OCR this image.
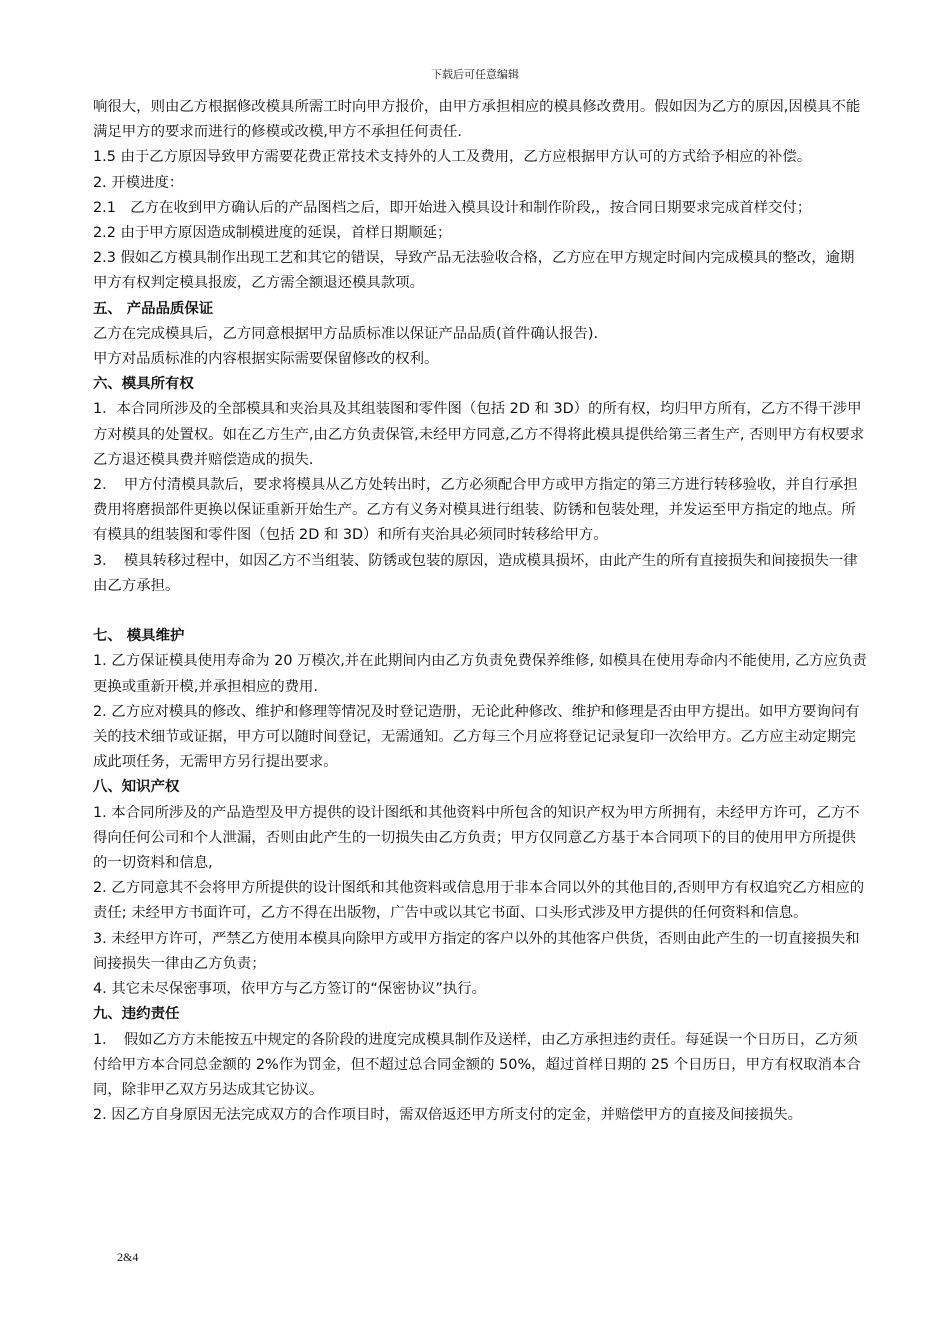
下载后可任意编辑

响很大，则由乙方根据修改模具所需工时向甲方报价，由甲方承担相应的模具修改费用。假如因为乙方的原因,因模具不能满足甲方的要求而进行的修模或改模,甲方不承担任何责任.

1.5 由于乙方原因导致甲方需要花费正常技术支持外的人工及费用，乙方应根据甲方认可的方式给予相应的补偿。

2. 开模进度：

2.1　乙方在收到甲方确认后的产品图档之后，即开始进入模具设计和制作阶段,，按合同日期要求完成首样交付；

2.2 由于甲方原因造成制模进度的延误，首样日期顺延；

2.3 假如乙方模具制作出现工艺和其它的错误，导致产品无法验收合格，乙方应在甲方规定时间内完成模具的整改，逾期甲方有权判定模具报废，乙方需全额退还模具款项。

五、 产品品质保证

乙方在完成模具后，乙方同意根据甲方品质标准以保证产品品质(首件确认报告).

甲方对品质标准的内容根据实际需要保留修改的权利。

六、模具所有权

1．本合同所涉及的全部模具和夹治具及其组装图和零件图（包括 2D 和 3D）的所有权，均归甲方所有，乙方不得干涉甲方对模具的处置权。如在乙方生产,由乙方负责保管,未经甲方同意,乙方不得将此模具提供给第三者生产, 否则甲方有权要求乙方退还模具费并赔偿造成的损失.

2．　甲方付清模具款后，要求将模具从乙方处转出时，乙方必须配合甲方或甲方指定的第三方进行转移验收，并自行承担费用将磨损部件更换以保证重新开始生产。乙方有义务对模具进行组装、防锈和包装处理，并发运至甲方指定的地点。所有模具的组装图和零件图（包括 2D 和 3D）和所有夹治具必须同时转移给甲方。

3．　模具转移过程中，如因乙方不当组装、防锈或包装的原因，造成模具损坏，由此产生的所有直接损失和间接损失一律由乙方承担。

七、 模具维护

1. 乙方保证模具使用寿命为 20 万模次,并在此期间内由乙方负责免费保养维修, 如模具在使用寿命内不能使用, 乙方应负责更换或重新开模,并承担相应的费用.

2. 乙方应对模具的修改、维护和修理等情况及时登记造册，无论此种修改、维护和修理是否由甲方提出。如甲方要询问有关的技术细节或证据，甲方可以随时间登记，无需通知。乙方每三个月应将登记记录复印一次给甲方。乙方应主动定期完成此项任务，无需甲方另行提出要求。

八、知识产权

1. 本合同所涉及的产品造型及甲方提供的设计图纸和其他资料中所包含的知识产权为甲方所拥有，未经甲方许可，乙方不得向任何公司和个人泄漏，否则由此产生的一切损失由乙方负责；甲方仅同意乙方基于本合同项下的目的使用甲方所提供的一切资料和信息,

2. 乙方同意其不会将甲方所提供的设计图纸和其他资料或信息用于非本合同以外的其他目的,否则甲方有权追究乙方相应的责任; 未经甲方书面许可，乙方不得在出版物，广告中或以其它书面、口头形式涉及甲方提供的任何资料和信息。

3. 未经甲方许可，严禁乙方使用本模具向除甲方或甲方指定的客户以外的其他客户供货，否则由此产生的一切直接损失和间接损失一律由乙方负责；

4. 其它未尽保密事项，依甲方与乙方签订的“保密协议”执行。

九、违约责任

1．　假如乙方方未能按五中规定的各阶段的进度完成模具制作及送样，由乙方承担违约责任。每延误一个日历日，乙方须付给甲方本合同总金额的 2%作为罚金，但不超过总合同金额的 50%，超过首样日期的 25 个日历日，甲方有权取消本合同，除非甲乙双方另达成其它协议。

2. 因乙方自身原因无法完成双方的合作项目时，需双倍返还甲方所支付的定金，并赔偿甲方的直接及间接损失。

2&4
